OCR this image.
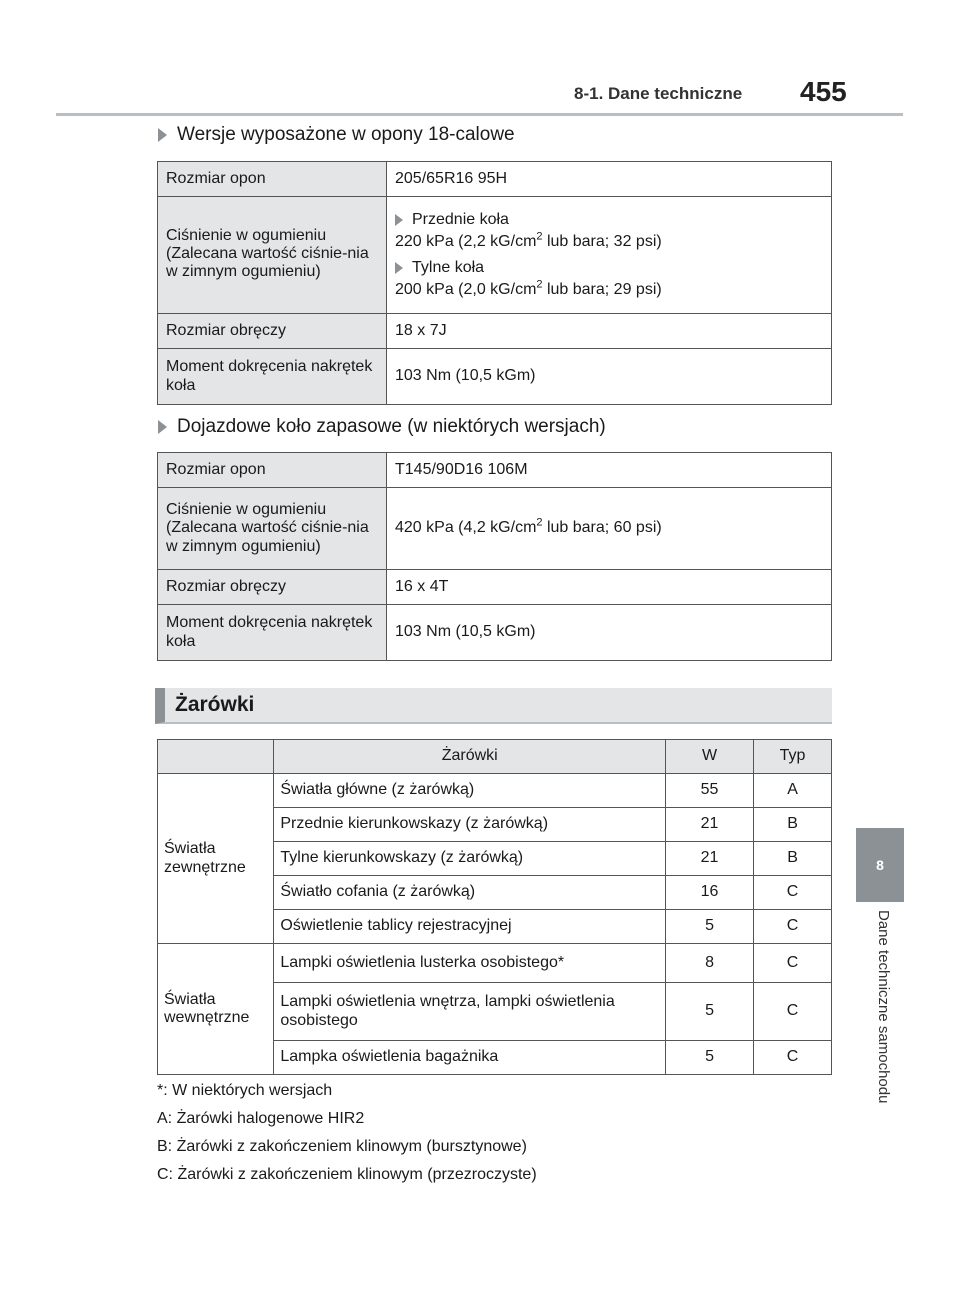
8-1. Dane techniczne	455
8
Dane techniczne samochodu
Wersje wyposażone w opony 18-calowe
Rozmiar opon	205/65R16 95H
Ciśnienie w ogumieniu (Zalecana wartość ciśnie-nia w zimnym ogumieniu)	Przednie koła
220 kPa (2,2 $kG/cm^2$ lub bara; 32 psi)
Tylne koła
200 kPa (2,0 $kG/cm^2$ lub bara; 29 psi)

Rozmiar obręczy	18 x 7J
Moment dokręcenia nakrętek koła	103 Nm (10,5 kGm)
Dojazdowe koło zapasowe (w niektórych wersjach)
Rozmiar opon	T145/90D16 106M
Ciśnienie w ogumieniu (Zalecana wartość ciśnie-nia w zimnym ogumieniu)	420 kPa (4,2 $kG/cm^2$ lub bara; 60 psi)
Rozmiar obręczy	16 x 4T
Moment dokręcenia nakrętek koła	103 Nm (10,5 kGm)
Żarówki
	Żarówki	W	Typ
Światła zewnętrzne	Światła główne (z żarówką)	55	A
	Przednie kierunkowskazy (z żarówką)	21	B
	Tylne kierunkowskazy (z żarówką)	21	B
	Światło cofania (z żarówką)	16	C
	Oświetlenie tablicy rejestracyjnej	5	C
Światła wewnętrzne	Lampki oświetlenia lusterka osobistego*	8	C
	Lampki oświetlenia wnętrza, lampki oświetlenia osobistego	5	C
	Lampka oświetlenia bagażnika	5	C
*: W niektórych wersjach
A: Żarówki halogenowe HIR2
B: Żarówki z zakończeniem klinowym (bursztynowe)
C: Żarówki z zakończeniem klinowym (przezroczyste)
